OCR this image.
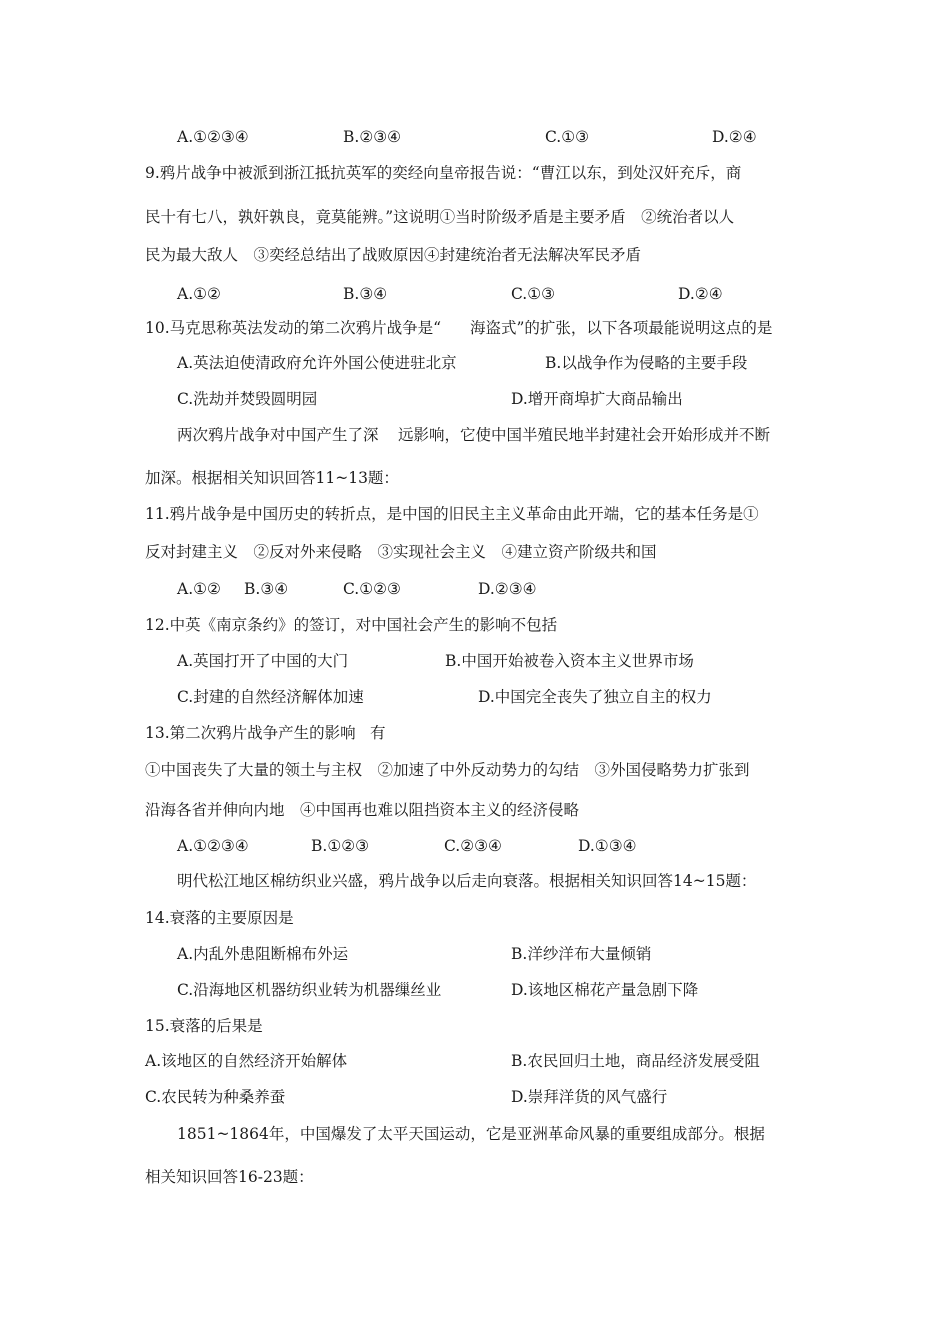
A.①②③④	B.②③④	C.①③	D.②④
9.鸦片战争中被派到浙江抵抗英军的奕经向皇帝报告说：“曹江以东，到处汉奸充斥，商
民十有七八，孰奸孰良，竟莫能辨。”这说明①当时阶级矛盾是主要矛盾　②统治者以人
民为最大敌人　③奕经总结出了战败原因④封建统治者无法解决军民矛盾
A.①②	B.③④	C.①③	D.②④
10.马克思称英法发动的第二次鸦片战争是“ 海盗式”的扩张，以下各项最能说明这点的是
A.英法迫使清政府允许外国公使进驻北京	B.以战争作为侵略的主要手段
C.洗劫并焚毁圆明园	D.增开商埠扩大商品输出
两次鸦片战争对中国产生了深 远影响，它使中国半殖民地半封建社会开始形成并不断
加深。根据相关知识回答11~13题：
11.鸦片战争是中国历史的转折点，是中国的旧民主主义革命由此开端，它的基本任务是①
反对封建主义　②反对外来侵略　③实现社会主义　④建立资产阶级共和国
A.①② B.③④	C.①②③	D.②③④
12.中英《南京条约》的签订，对中国社会产生的影响不包括
A.英国打开了中国的大门	B.中国开始被卷入资本主义世界市场
C.封建的自然经济解体加速	D.中国完全丧失了独立自主的权力
13.第二次鸦片战争产生的影响 有
①中国丧失了大量的领土与主权　②加速了中外反动势力的勾结　③外国侵略势力扩张到
沿海各省并伸向内地　④中国再也难以阻挡资本主义的经济侵略
A.①②③④	B.①②③	C.②③④	D.①③④
明代松江地区棉纺织业兴盛，鸦片战争以后走向衰落。根据相关知识回答14~15题：
14.衰落的主要原因是
A.内乱外患阻断棉布外运	B.洋纱洋布大量倾销
C.沿海地区机器纺织业转为机器缫丝业	D.该地区棉花产量急剧下降
15.衰落的后果是
A.该地区的自然经济开始解体	B.农民回归土地，商品经济发展受阻
C.农民转为种桑养蚕	D.崇拜洋货的风气盛行
1851~1864年，中国爆发了太平天国运动，它是亚洲革命风暴的重要组成部分。根据
相关知识回答16-23题：
